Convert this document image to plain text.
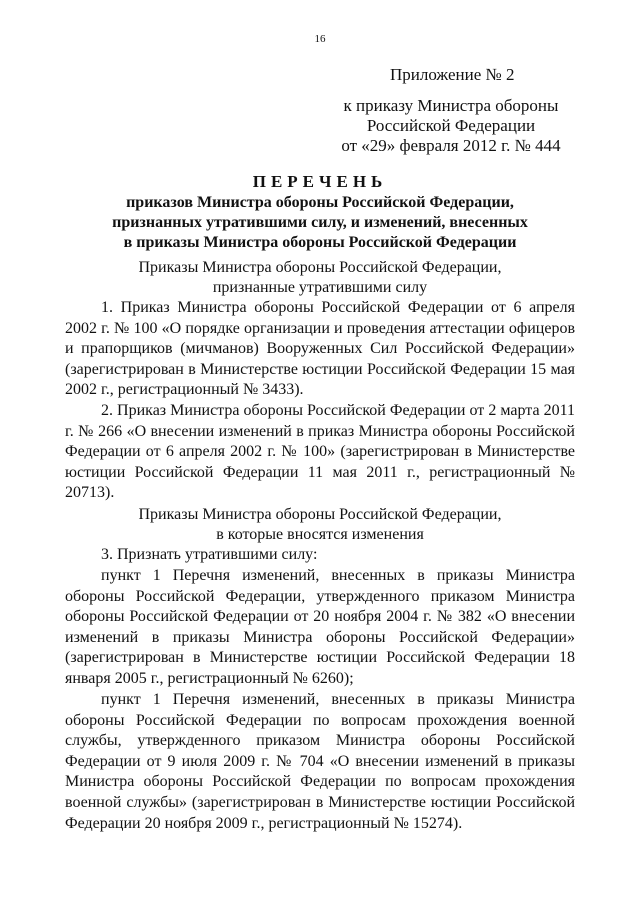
16
Приложение № 2
к приказу Министра обороны
Российской Федерации
от «29» февраля 2012 г. № 444
ПЕРЕЧЕНЬ
приказов Министра обороны Российской Федерации,
признанных утратившими силу, и изменений, внесенных
в приказы Министра обороны Российской Федерации
Приказы Министра обороны Российской Федерации,
признанные утратившими силу
1. Приказ Министра обороны Российской Федерации от 6 апреля 2002 г. № 100 «О порядке организации и проведения аттестации офицеров и прапорщиков (мичманов) Вооруженных Сил Российской Федерации» (зарегистрирован в Министерстве юстиции Российской Федерации 15 мая 2002 г., регистрационный № 3433).
2. Приказ Министра обороны Российской Федерации от 2 марта 2011 г. № 266 «О внесении изменений в приказ Министра обороны Российской Федерации от 6 апреля 2002 г. № 100» (зарегистрирован в Министерстве юстиции Российской Федерации 11 мая 2011 г., регистрационный № 20713).
Приказы Министра обороны Российской Федерации,
в которые вносятся изменения
3. Признать утратившими силу:
пункт 1 Перечня изменений, внесенных в приказы Министра обороны Российской Федерации, утвержденного приказом Министра обороны Российской Федерации от 20 ноября 2004 г. № 382 «О внесении изменений в приказы Министра обороны Российской Федерации» (зарегистрирован в Министерстве юстиции Российской Федерации 18 января 2005 г., регистрационный № 6260);
пункт 1 Перечня изменений, внесенных в приказы Министра обороны Российской Федерации по вопросам прохождения военной службы, утвержденного приказом Министра обороны Российской Федерации от 9 июля 2009 г. № 704 «О внесении изменений в приказы Министра обороны Российской Федерации по вопросам прохождения военной службы» (зарегистрирован в Министерстве юстиции Российской Федерации 20 ноября 2009 г., регистрационный № 15274).
